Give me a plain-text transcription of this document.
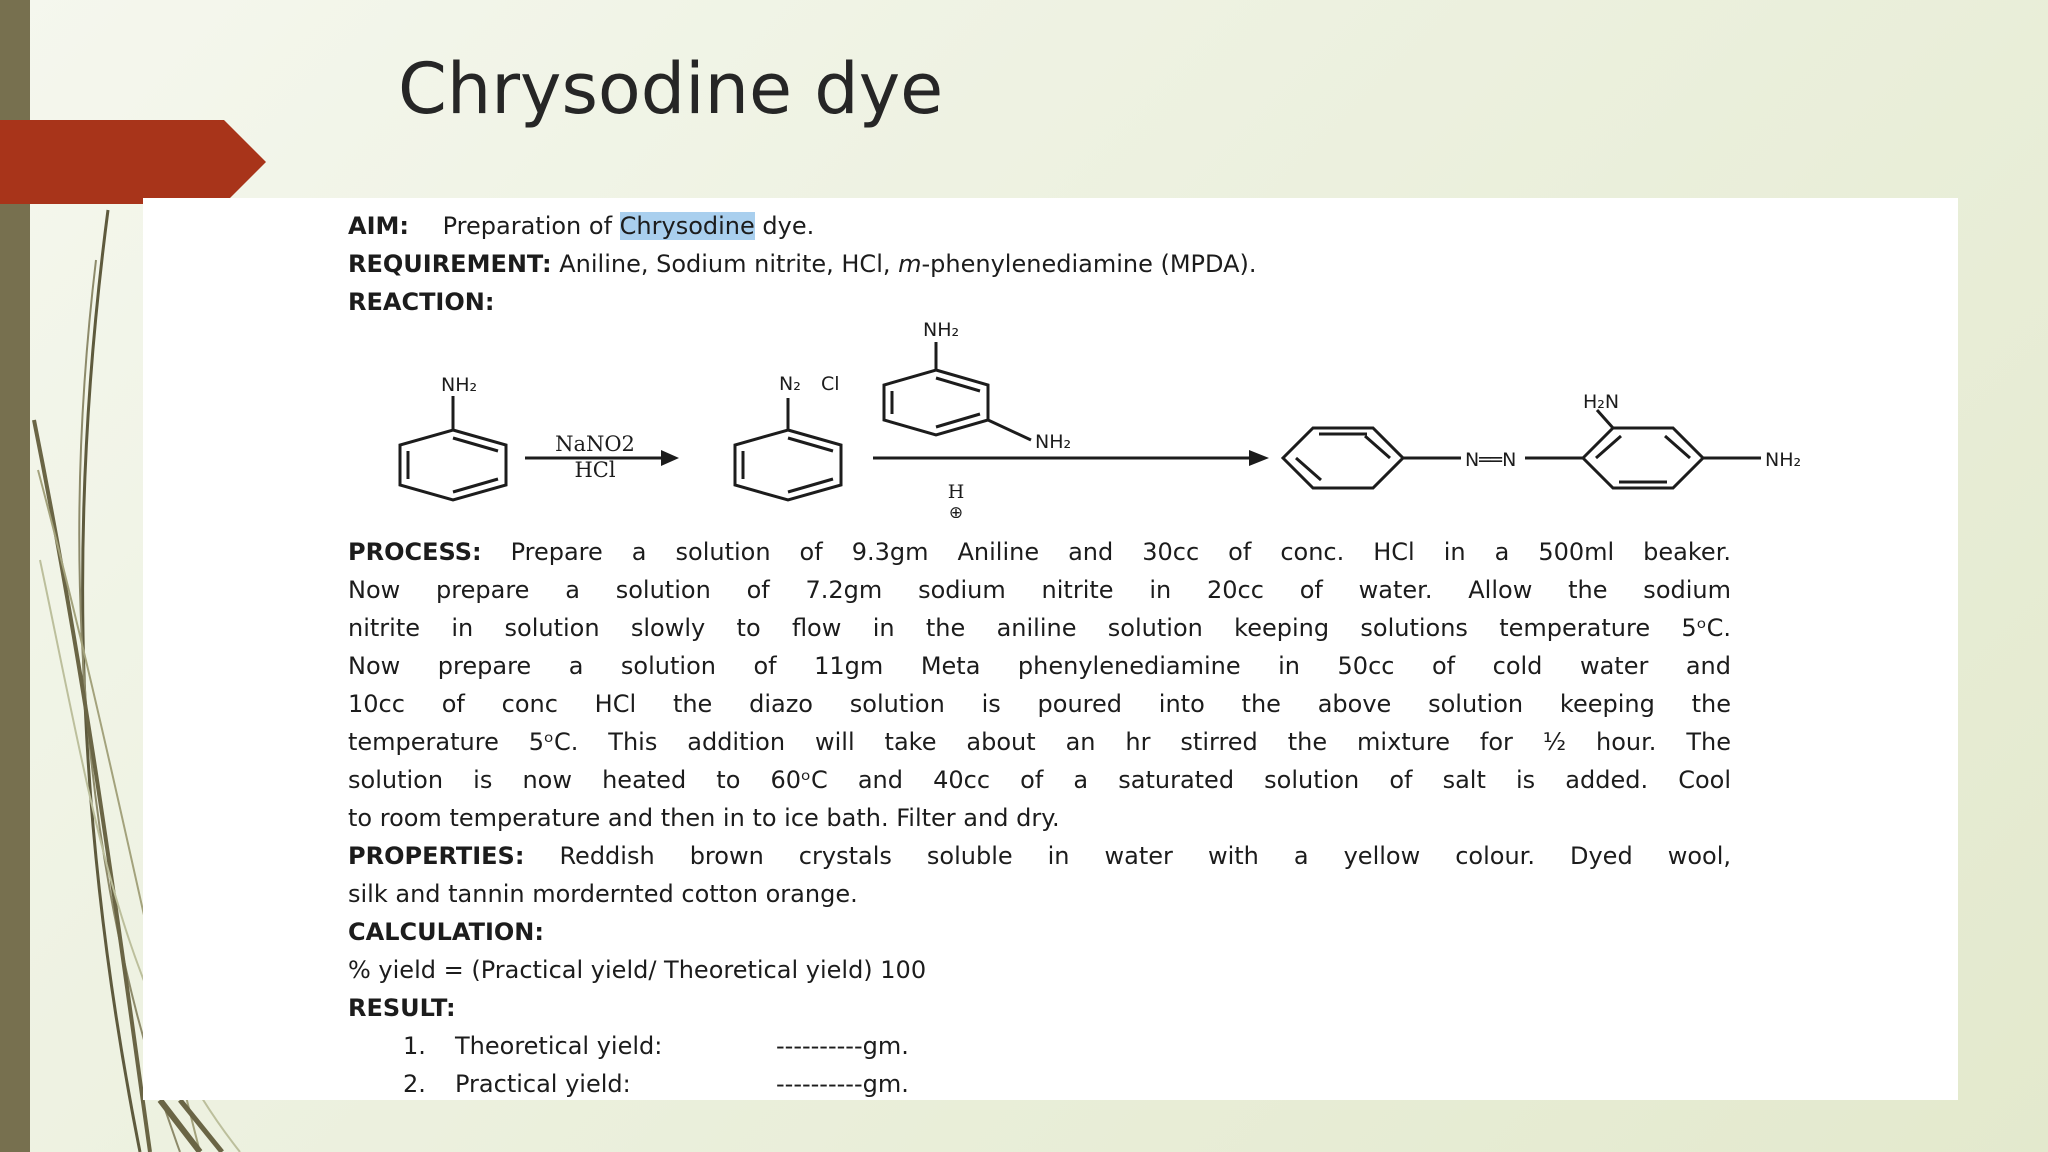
Chrysodine dye
AIM: Preparation of Chrysodine dye.
REQUIREMENT: Aniline, Sodium nitrite, HCl, m-phenylenediamine (MPDA).
REACTION:
NH₂
NaNO2
HCl
N₂ Cl
NH₂
NH₂
H
⊕
N══N
H₂N
NH₂
PROCESS: Prepare a solution of 9.3gm Aniline and 30cc of conc. HCl in a 500ml beaker.
Now prepare a solution of 7.2gm sodium nitrite in 20cc of water. Allow the sodium
nitrite in solution slowly to flow in the aniline solution keeping solutions temperature 5ᵒC.
Now prepare a solution of 11gm Meta phenylenediamine in 50cc of cold water and
10cc of conc HCl the diazo solution is poured into the above solution keeping the
temperature 5ᵒC. This addition will take about an hr stirred the mixture for ½ hour. The
solution is now heated to 60ᵒC and 40cc of a saturated solution of salt is added. Cool
to room temperature and then in to ice bath. Filter and dry.
PROPERTIES: Reddish brown crystals soluble in water with a yellow colour. Dyed wool,
silk and tannin mordernted cotton orange.
CALCULATION:
% yield = (Practical yield/ Theoretical yield) 100
RESULT:
1. Theoretical yield:	----------gm.
2. Practical yield:	----------gm.
